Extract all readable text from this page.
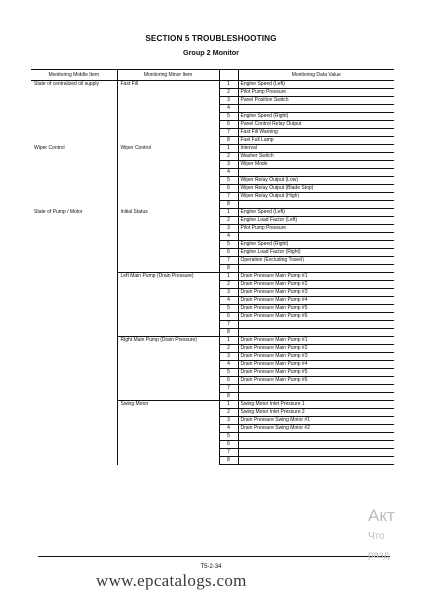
SECTION 5 TROUBLESHOOTING
Group 2 Monitor
Monitoring Middle Item	Monitoring Minor Item		Monitoring Data Value
State of centralized oil supply	Fast Fill	1	Engine Speed (Left)
		2	Pilot Pump Pressure
		3	Panel Position Switch
		4	
		5	Engine Speed (Right)
		6	Panel Control Relay Output
		7	Fast Fill Warning
		8	Fuel Full Lamp
Wiper Control	Wiper Control	1	Interval
		2	Washer Switch
		3	Wiper Mode
		4	
		5	Wiper Relay Output (Low)
		6	Wiper Relay Output (Blade Stop)
		7	Wiper Relay Output (High)
		8	
State of Pump / Motor	Initial Status	1	Engine Speed (Left)
		2	Engine Load Factor (Left)
		3	Pilot Pump Pressure
		4	
		5	Engine Speed (Right)
		6	Engine Load Factor (Right)
		7	Operation (Excluding Travel)
		8	
	Left Main Pump (Drain Pressure)	1	Drain Pressure Main Pump #1
		2	Drain Pressure Main Pump #2
		3	Drain Pressure Main Pump #3
		4	Drain Pressure Main Pump #4
		5	Drain Pressure Main Pump #5
		6	Drain Pressure Main Pump #6
		7	
		8	
	Right Main Pump (Drain Pressure)	1	Drain Pressure Main Pump #1
		2	Drain Pressure Main Pump #2
		3	Drain Pressure Main Pump #3
		4	Drain Pressure Main Pump #4
		5	Drain Pressure Main Pump #5
		6	Drain Pressure Main Pump #6
		7	
		8	
	Swing Motor	1	Swing Motor Inlet Pressure 1
		2	Swing Motor Inlet Pressure 2
		3	Drain Pressure Swing Motor #1
		4	Drain Pressure Swing Motor #2
		5	
		6	
		7	
		8	
T5-2-34
www.epcatalogs.com
Акт
Что
разд
